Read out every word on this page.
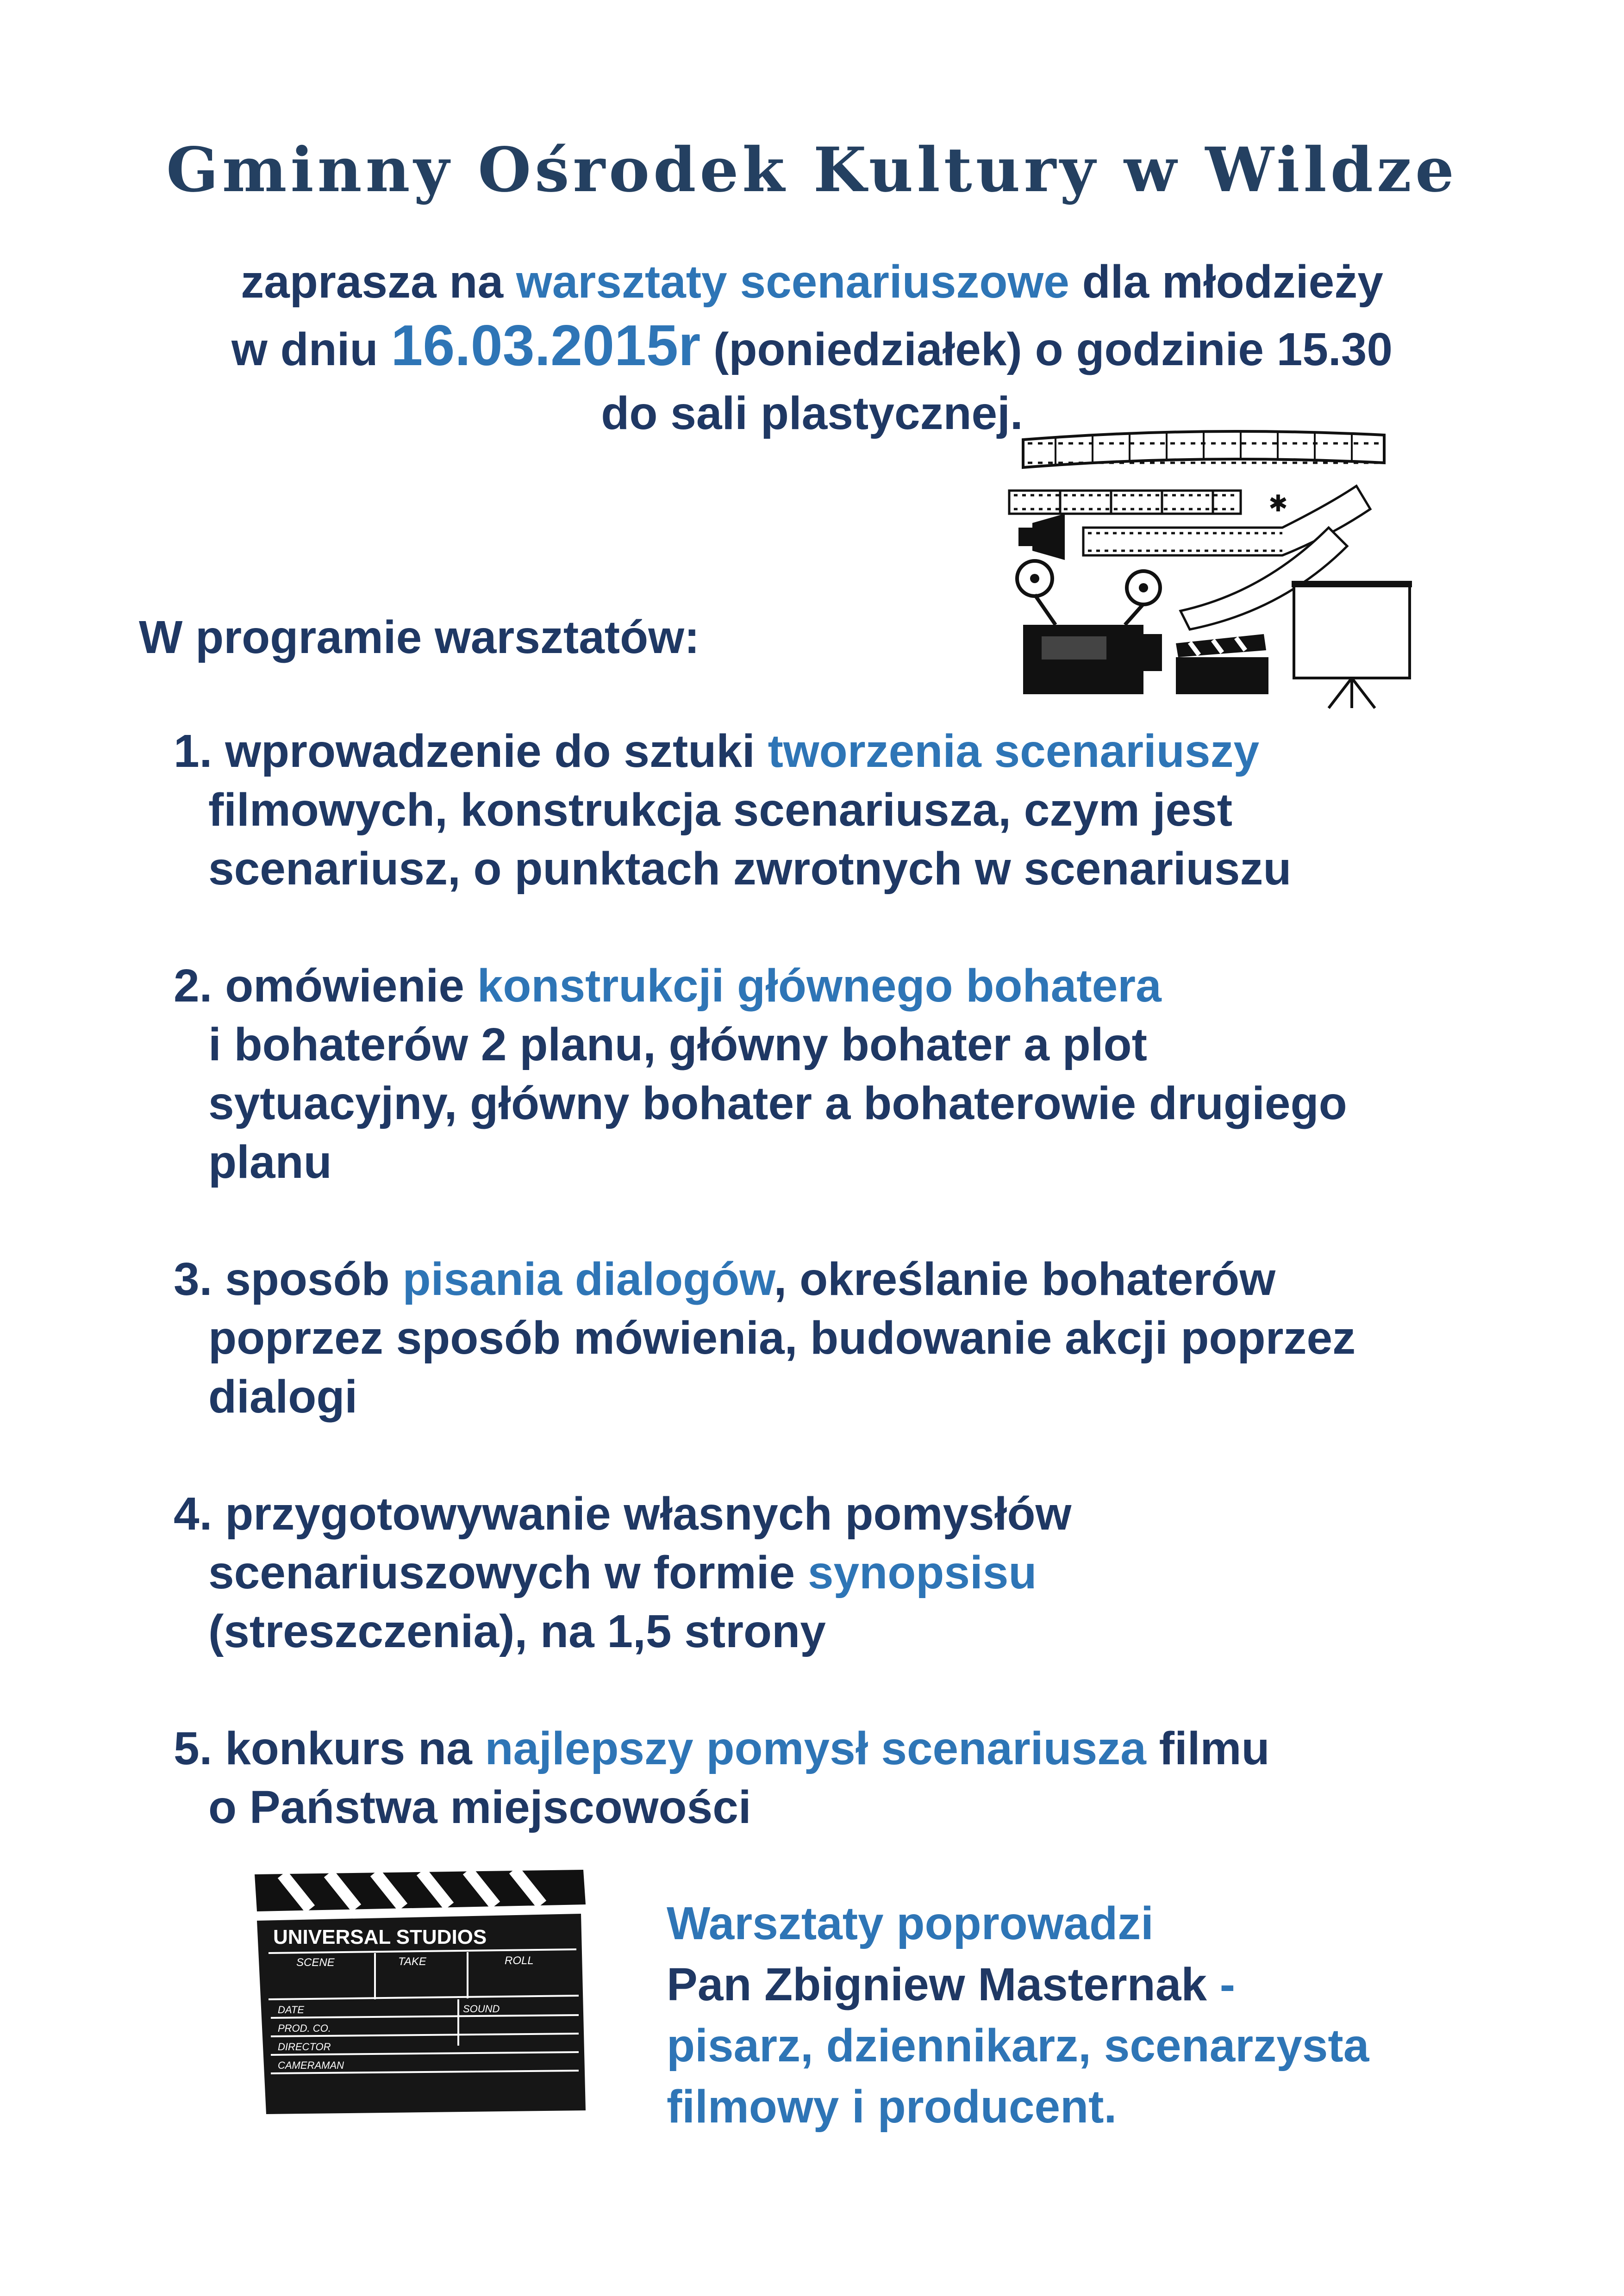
Gminny Ośrodek Kultury w Wildze
zaprasza na warsztaty scenariuszowe dla młodzieży
w dniu 16.03.2015r (poniedziałek) o godzinie 15.30
do sali plastycznej.
✱
W programie warsztatów:
1. wprowadzenie do sztuki tworzenia scenariuszy
filmowych, konstrukcja scenariusza, czym jest
scenariusz, o punktach zwrotnych w scenariuszu
2. omówienie konstrukcji głównego bohatera
i bohaterów 2 planu, główny bohater a plot
sytuacyjny, główny bohater a bohaterowie drugiego
planu
3. sposób pisania dialogów, określanie bohaterów
poprzez sposób mówienia, budowanie akcji poprzez
dialogi
4. przygotowywanie własnych pomysłów
scenariuszowych w formie synopsisu
(streszczenia), na 1,5 strony
5. konkurs na najlepszy pomysł scenariusza filmu
o Pańѕtwa miejscowości
UNIVERSAL STUDIOS
SCENE	TAKE	ROLL
DATE	SOUND
PROD. CO.
DIRECTOR
CAMERAMAN
Warsztaty poprowadzi
Pan Zbigniew Masternak -
pisarz, dziennikarz, scenarzysta
filmowy i producent.
